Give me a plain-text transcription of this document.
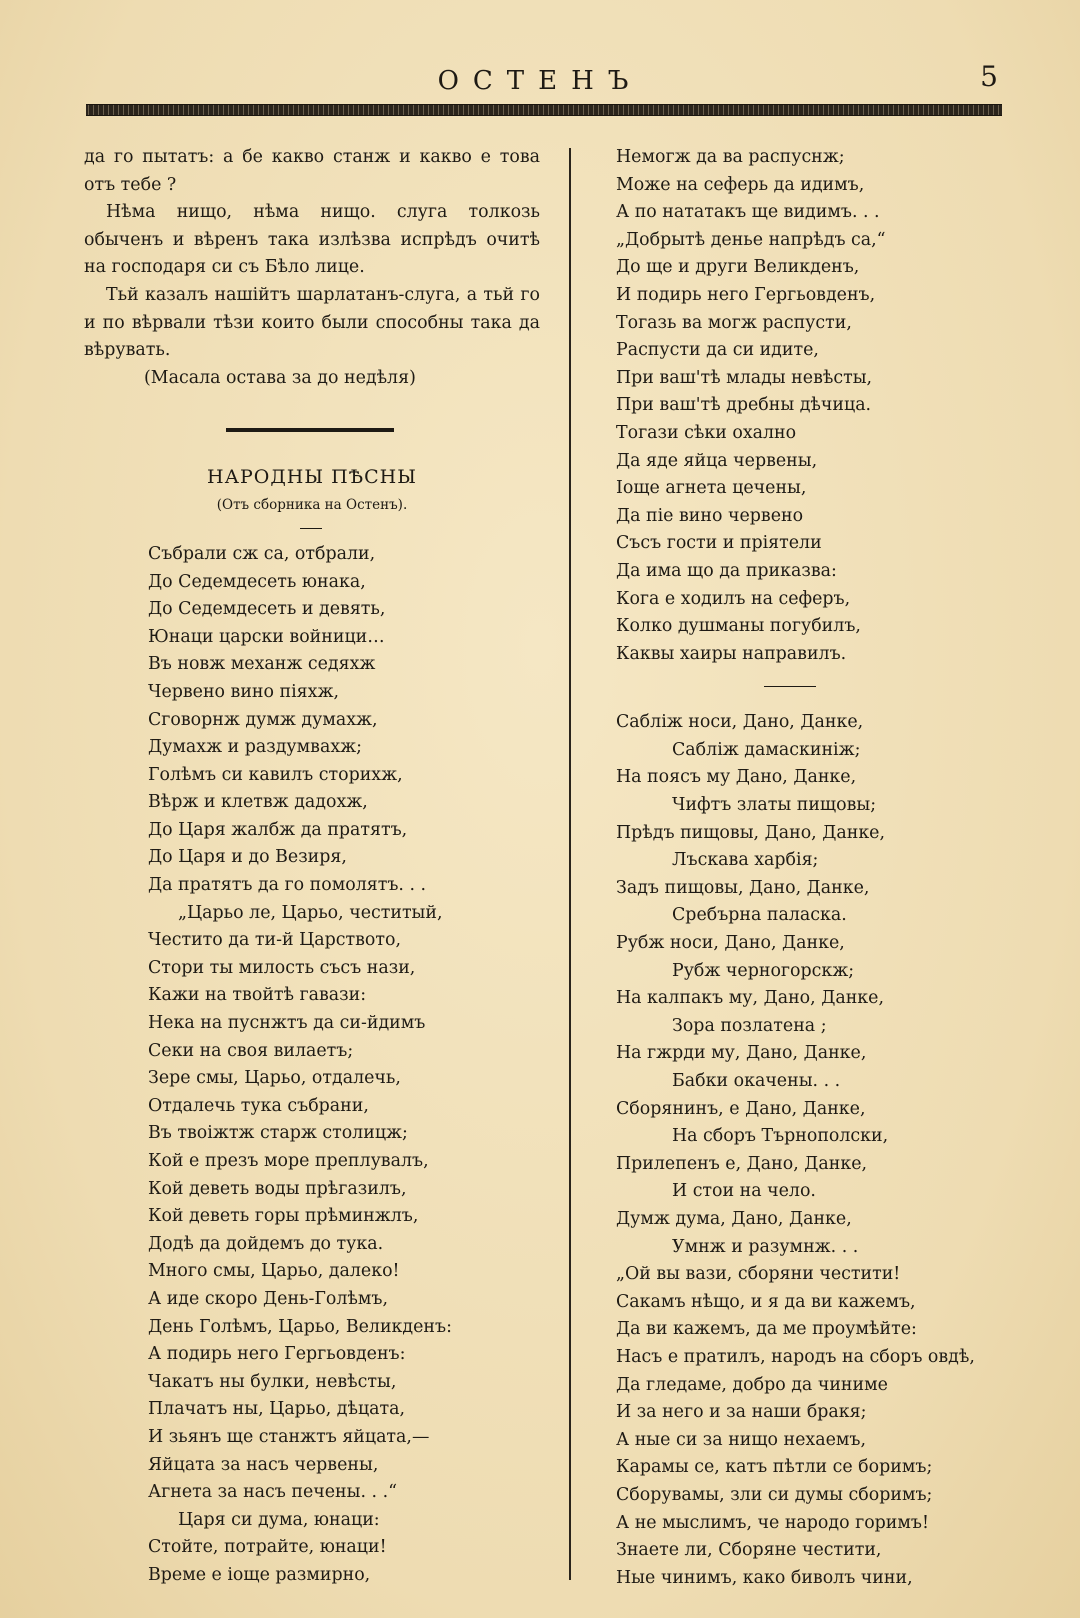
ОСТЕНЪ	5

да го пытатъ: а бе какво станж и какво е това отъ тебе ?

Нѣма нищо, нѣма нищо. слуга толкозь обыченъ и вѣренъ така излѣзва испрѣдъ очитѣ на господаря си съ Бѣло лице.

Тьй казалъ нашійтъ шарлатанъ-слуга, а тьй го и по вѣрвали тѣзи които были способны така да вѣрувать.

(Масала остава за до недѣля)

НАРОДНЫ ПѢСНЫ
(Отъ сборника на Остенъ).
Събрали сж са, отбрали,
До Седемдесеть юнака,
До Седемдесеть и девять,
Юнаци царски войници…
Въ новж механж седяхж
Червено вино піяхж,
Сговорнж думж думахж,
Думахж и раздумвахж;
Голѣмъ си кавилъ сторихж,
Вѣрж и клетвж дадохж,
До Царя жалбж да пратятъ,
До Царя и до Везиря,
Да пратятъ да го помолятъ. . .
„Царьо ле, Царьо, честитый,
Честито да ти-й Царството,
Стори ты милость съсъ нази,
Кажи на твойтѣ гавази:
Нека на пуснжтъ да си-йдимъ
Секи на своя вилаетъ;
Зере смы, Царьо, отдалечь,
Отдалечь тука събрани,
Въ твоіжтж старж столицж;
Кой е презъ море преплувалъ,
Кой деветь воды прѣгазилъ,
Кой деветь горы прѣминжлъ,
Додѣ да дойдемъ до тука.
Много смы, Царьо, далеко!
А иде скоро День-Голѣмъ,
День Голѣмъ, Царьо, Великденъ:
А подирь него Гергьовденъ:
Чакатъ ны булки, невѣсты,
Плачатъ ны, Царьо, дѣцата,
И зьянъ ще станжтъ яйцата,—
Яйцата за насъ червены,
Агнета за насъ печены. . .“
Царя си дума, юнаци:
Стойте, потрайте, юнаци!
Време е іоще размирно,
Немогж да ва распуснж;
Може на сеферь да идимъ,
А по нататакъ ще видимъ. . .
„Добрытѣ деньe напрѣдъ са,“
До ще и други Великденъ,
И подирь него Гергьовденъ,
Тогазь ва могж распусти,
Распусти да си идите,
При ваш'тѣ млады невѣсты,
При ваш'тѣ дребны дѣчица.
Тогази сѣки охално
Да яде яйца червены,
Іоще агнета цечены,
Да піе вино червено
Съсъ гости и пріятели
Да има що да приказва:
Кога е ходилъ на сеферъ,
Колко душманы погубилъ,
Каквы хаиры направилъ.
Сабліж носи, Дано, Данке,
Сабліж дамаскиніж;
На поясъ му Дано, Данке,
Чифтъ златы пищовы;
Прѣдъ пищовы, Дано, Данке,
Лъскава харбія;
Задъ пищовы, Дано, Данке,
Сребърна паласка.
Рубж носи, Дано, Данке,
Рубж черногорскж;
На калпакъ му, Дано, Данке,
Зора позлатена ;
На гжрди му, Дано, Данке,
Бабки окачены. . .
Сборянинъ, е Дано, Данке,
На сборъ Търнополски,
Прилепенъ е, Дано, Данке,
И стои на чело.
Думж дума, Дано, Данке,
Умнж и разумнж. . .
„Ой вы вази, сборяни честити!
Сакамъ нѣщо, и я да ви кажемъ,
Да ви кажемъ, да ме проумѣйте:
Насъ е пратилъ, народъ на сборъ овдѣ,
Да гледаме, добро да чиниме
И за него и за наши бракя;
А ные си за нищо нехаемъ,
Карамы се, катъ пѣтли се боримъ;
Сборувамы, зли си думы сборимъ;
А не мыслимъ, че народо горимъ!
Знаете ли, Сборяне честити,
Ные чинимъ, како биволъ чини,
